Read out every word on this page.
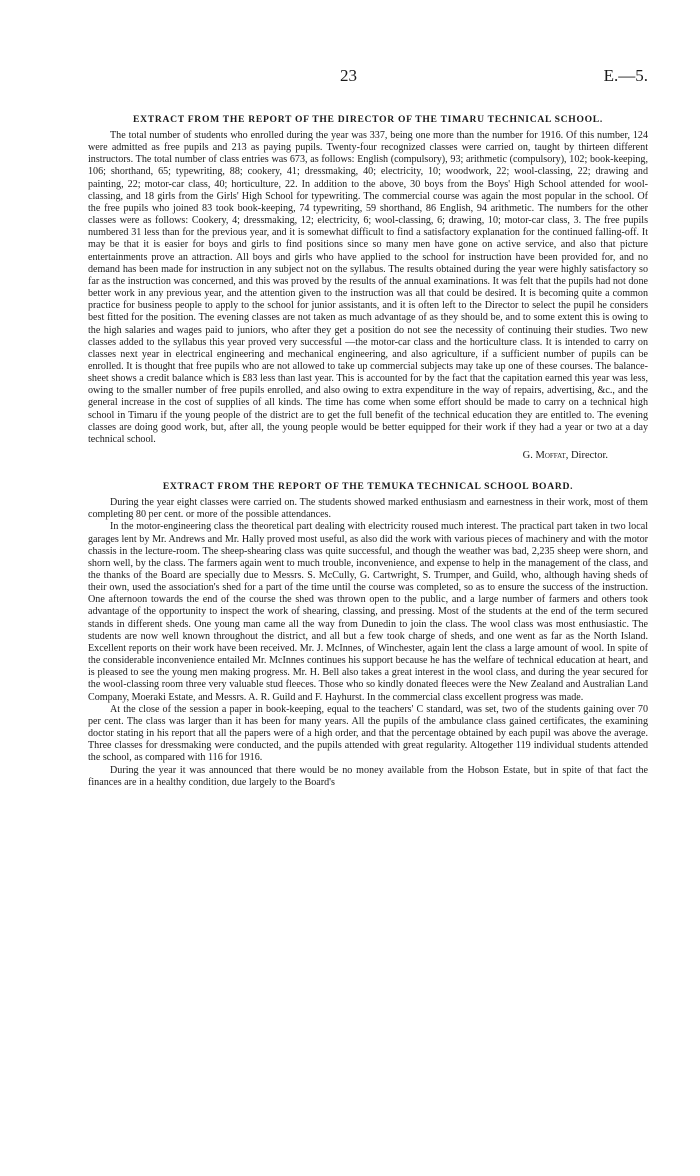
23	E.—5.
EXTRACT FROM THE REPORT OF THE DIRECTOR OF THE TIMARU TECHNICAL SCHOOL.

The total number of students who enrolled during the year was 337, being one more than the number for 1916. Of this number, 124 were admitted as free pupils and 213 as paying pupils. Twenty-four recognized classes were carried on, taught by thirteen different instructors. The total number of class entries was 673, as follows: English (compulsory), 93; arithmetic (compulsory), 102; book-keeping, 106; shorthand, 65; typewriting, 88; cookery, 41; dressmaking, 40; electricity, 10; woodwork, 22; wool-classing, 22; drawing and painting, 22; motor-car class, 40; horticulture, 22. In addition to the above, 30 boys from the Boys' High School attended for wool-classing, and 18 girls from the Girls' High School for typewriting. The commercial course was again the most popular in the school. Of the free pupils who joined 83 took book-keeping, 74 typewriting, 59 shorthand, 86 English, 94 arithmetic. The numbers for the other classes were as follows: Cookery, 4; dressmaking, 12; electricity, 6; wool-classing, 6; drawing, 10; motor-car class, 3. The free pupils numbered 31 less than for the previous year, and it is somewhat difficult to find a satisfactory explanation for the continued falling-off. It may be that it is easier for boys and girls to find positions since so many men have gone on active service, and also that picture entertainments prove an attraction. All boys and girls who have applied to the school for instruction have been provided for, and no demand has been made for instruction in any subject not on the syllabus. The results obtained during the year were highly satisfactory so far as the instruction was concerned, and this was proved by the results of the annual examinations. It was felt that the pupils had not done better work in any previous year, and the attention given to the instruction was all that could be desired. It is becoming quite a common practice for business people to apply to the school for junior assistants, and it is often left to the Director to select the pupil he considers best fitted for the position. The evening classes are not taken as much advantage of as they should be, and to some extent this is owing to the high salaries and wages paid to juniors, who after they get a position do not see the necessity of continuing their studies. Two new classes added to the syllabus this year proved very successful —the motor-car class and the horticulture class. It is intended to carry on classes next year in electrical engineering and mechanical engineering, and also agriculture, if a sufficient number of pupils can be enrolled. It is thought that free pupils who are not allowed to take up commercial subjects may take up one of these courses. The balance-sheet shows a credit balance which is £83 less than last year. This is accounted for by the fact that the capitation earned this year was less, owing to the smaller number of free pupils enrolled, and also owing to extra expenditure in the way of repairs, advertising, &c., and the general increase in the cost of supplies of all kinds. The time has come when some effort should be made to carry on a technical high school in Timaru if the young people of the district are to get the full benefit of the technical education they are entitled to. The evening classes are doing good work, but, after all, the young people would be better equipped for their work if they had a year or two at a day technical school.

G. Moffat, Director.
EXTRACT FROM THE REPORT OF THE TEMUKA TECHNICAL SCHOOL BOARD.

During the year eight classes were carried on. The students showed marked enthusiasm and earnestness in their work, most of them completing 80 per cent. or more of the possible attendances.

In the motor-engineering class the theoretical part dealing with electricity roused much interest. The practical part taken in two local garages lent by Mr. Andrews and Mr. Hally proved most useful, as also did the work with various pieces of machinery and with the motor chassis in the lecture-room. The sheep-shearing class was quite successful, and though the weather was bad, 2,235 sheep were shorn, and shorn well, by the class. The farmers again went to much trouble, inconvenience, and expense to help in the management of the class, and the thanks of the Board are specially due to Messrs. S. McCully, G. Cartwright, S. Trumper, and Guild, who, although having sheds of their own, used the association's shed for a part of the time until the course was completed, so as to ensure the success of the instruction. One afternoon towards the end of the course the shed was thrown open to the public, and a large number of farmers and others took advantage of the opportunity to inspect the work of shearing, classing, and pressing. Most of the students at the end of the term secured stands in different sheds. One young man came all the way from Dunedin to join the class. The wool class was most enthusiastic. The students are now well known throughout the district, and all but a few took charge of sheds, and one went as far as the North Island. Excellent reports on their work have been received. Mr. J. McInnes, of Winchester, again lent the class a large amount of wool. In spite of the considerable inconvenience entailed Mr. McInnes continues his support because he has the welfare of technical education at heart, and is pleased to see the young men making progress. Mr. H. Bell also takes a great interest in the wool class, and during the year secured for the wool-classing room three very valuable stud fleeces. Those who so kindly donated fleeces were the New Zealand and Australian Land Company, Moeraki Estate, and Messrs. A. R. Guild and F. Hayhurst. In the commercial class excellent progress was made.

At the close of the session a paper in book-keeping, equal to the teachers' C standard, was set, two of the students gaining over 70 per cent. The class was larger than it has been for many years. All the pupils of the ambulance class gained certificates, the examining doctor stating in his report that all the papers were of a high order, and that the percentage obtained by each pupil was above the average. Three classes for dressmaking were conducted, and the pupils attended with great regularity. Altogether 119 individual students attended the school, as compared with 116 for 1916.

During the year it was announced that there would be no money available from the Hobson Estate, but in spite of that fact the finances are in a healthy condition, due largely to the Board's
